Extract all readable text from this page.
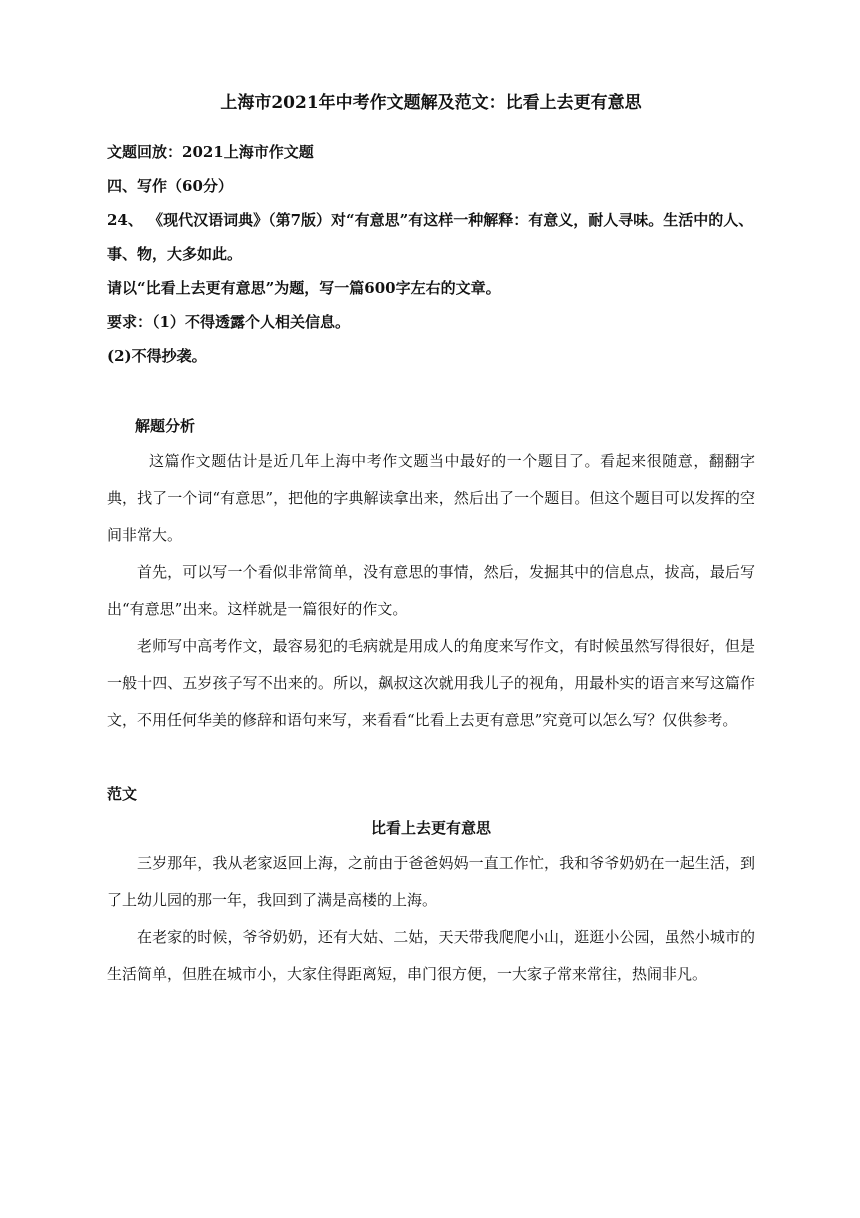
上海市2021年中考作文题解及范文：比看上去更有意思

文题回放：2021上海市作文题

四、写作（60分）

24、 《现代汉语词典》（第7版）对“有意思”有这样一种解释：有意义，耐人寻味。生活中的人、事、物，大多如此。

请以“比看上去更有意思”为题，写一篇600字左右的文章。

要求：（1）不得透露个人相关信息。

(2)不得抄袭。

解题分析

这篇作文题估计是近几年上海中考作文题当中最好的一个题目了。看起来很随意，翻翻字典，找了一个词“有意思”，把他的字典解读拿出来，然后出了一个题目。但这个题目可以发挥的空间非常大。

首先，可以写一个看似非常简单，没有意思的事情，然后，发掘其中的信息点，拔高，最后写出“有意思”出来。这样就是一篇很好的作文。

老师写中高考作文，最容易犯的毛病就是用成人的角度来写作文，有时候虽然写得很好，但是一般十四、五岁孩子写不出来的。所以，飙叔这次就用我儿子的视角，用最朴实的语言来写这篇作文，不用任何华美的修辞和语句来写，来看看“比看上去更有意思”究竟可以怎么写？仅供参考。

范文

比看上去更有意思

三岁那年，我从老家返回上海，之前由于爸爸妈妈一直工作忙，我和爷爷奶奶在一起生活，到了上幼儿园的那一年，我回到了满是高楼的上海。

在老家的时候，爷爷奶奶，还有大姑、二姑，天天带我爬爬小山，逛逛小公园，虽然小城市的生活简单，但胜在城市小，大家住得距离短，串门很方便，一大家子常来常往，热闹非凡。
